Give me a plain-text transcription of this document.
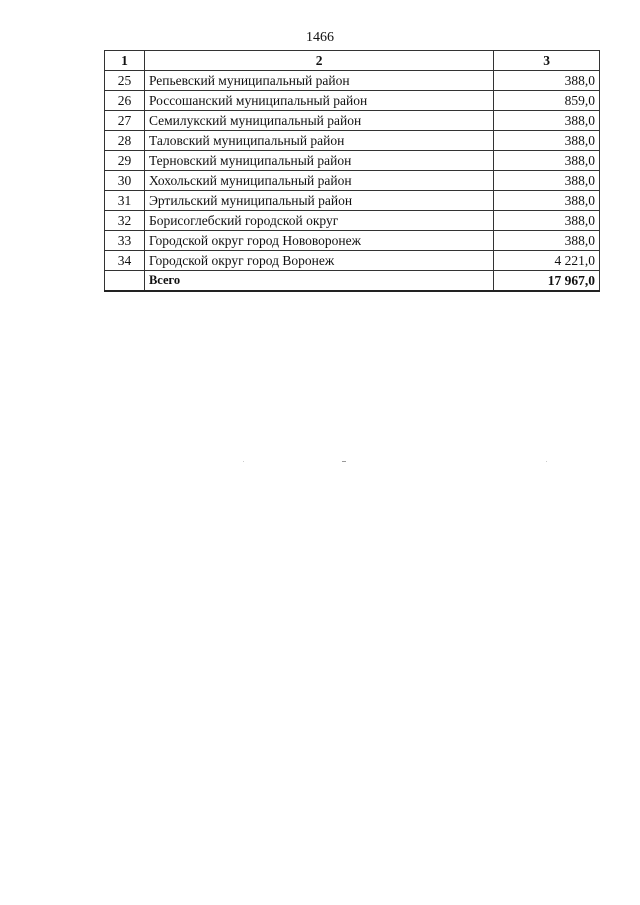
1466
1	2	3
25	Репьевский муниципальный район	388,0
26	Россошанский муниципальный район	859,0
27	Семилукский муниципальный район	388,0
28	Таловский муниципальный район	388,0
29	Терновский муниципальный район	388,0
30	Хохольский муниципальный район	388,0
31	Эртильский муниципальный район	388,0
32	Борисоглебский городской округ	388,0
33	Городской округ город Нововоронеж	388,0
34	Городской округ город Воронеж	4 221,0
	Всего	17 967,0
